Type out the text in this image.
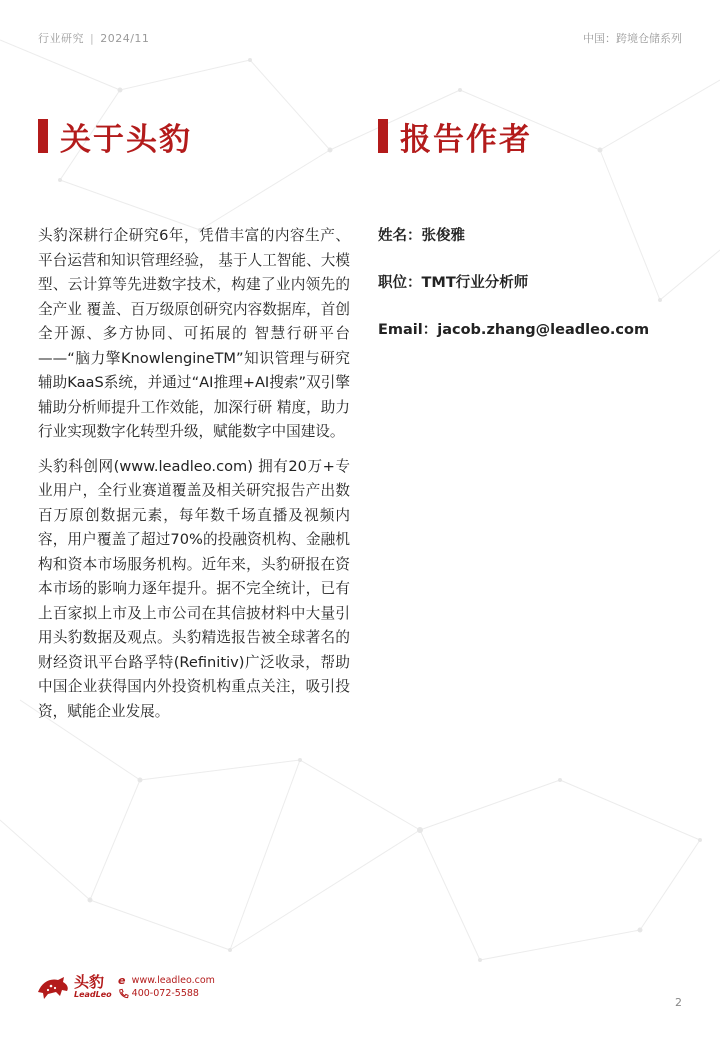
行业研究 | 2024/11	中国：跨境仓储系列
关于头豹	报告作者

头豹深耕行企研究6年，凭借丰富的内容生产、平台运营和知识管理经验， 基于人工智能、大模型、云计算等先进数字技术，构建了业内领先的全产业 覆盖、百万级原创研究内容数据库，首创全开源、多方协同、可拓展的 智慧行研平台——“脑力擎KnowlengineTM”知识管理与研究辅助KaaS系统，并通过“AI推理+AI搜索”双引擎辅助分析师提升工作效能，加深行研 精度，助力行业实现数字化转型升级，赋能数字中国建设。

头豹科创网(www.leadleo.com) 拥有20万+专业用户，全行业赛道覆盖及相关研究报告产出数百万原创数据元素，每年数千场直播及视频内容，用户覆盖了超过70%的投融资机构、金融机构和资本市场服务机构。近年来，头豹研报在资本市场的影响力逐年提升。据不完全统计，已有上百家拟上市及上市公司在其信披材料中大量引用头豹数据及观点。头豹精选报告被全球著名的财经资讯平台路孚特(Refinitiv)广泛收录，帮助中国企业获得国内外投资机构重点关注，吸引投资，赋能企业发展。

姓名：张俊雅
职位：TMT行业分析师
Email：jacob.zhang@leadleo.com
头豹
LeadLeo
e www.leadleo.com
400-072-5588
2
